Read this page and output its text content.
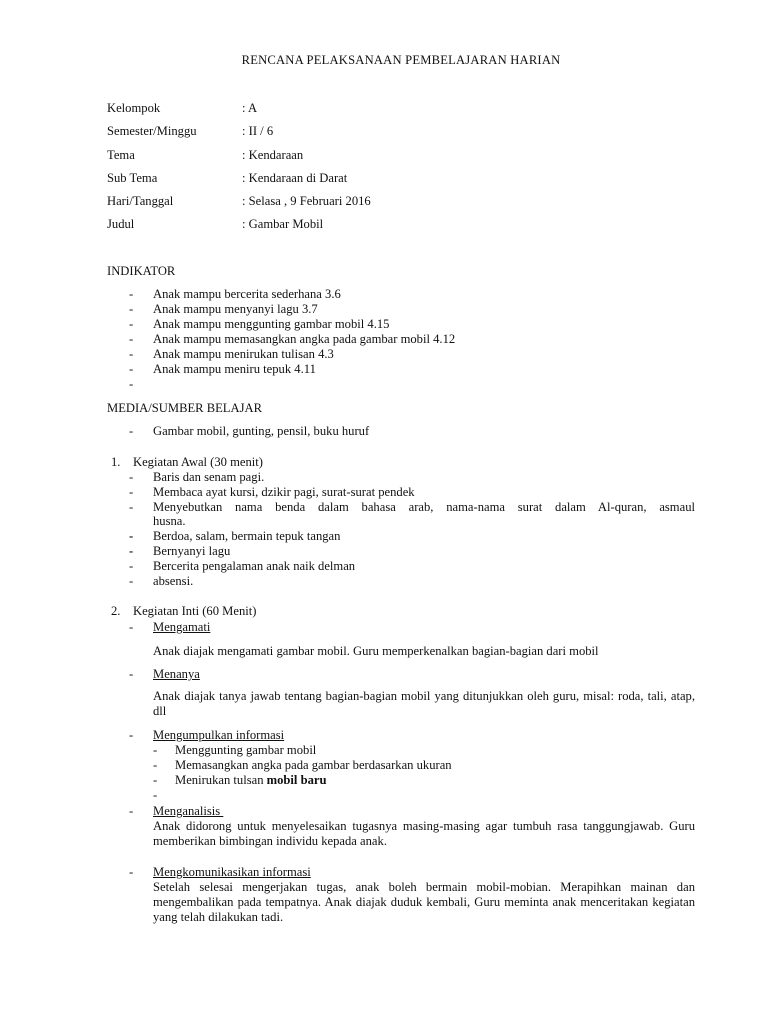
RENCANA PELAKSANAAN PEMBELAJARAN HARIAN
Kelompok	: A
Semester/Minggu	: II / 6
Tema	: Kendaraan
Sub Tema	: Kendaraan di Darat
Hari/Tanggal	: Selasa , 9 Februari 2016
Judul	: Gambar Mobil
INDIKATOR
- Anak mampu bercerita sederhana 3.6
- Anak mampu menyanyi lagu 3.7
- Anak mampu menggunting gambar mobil 4.15
- Anak mampu memasangkan angka pada gambar mobil 4.12
- Anak mampu menirukan tulisan 4.3
- Anak mampu meniru tepuk 4.11
-
MEDIA/SUMBER BELAJAR
- Gambar mobil, gunting, pensil, buku huruf
1. Kegiatan Awal (30 menit)
- Baris dan senam pagi.
- Membaca ayat kursi, dzikir pagi, surat-surat pendek
- Menyebutkan nama benda dalam bahasa arab, nama-nama surat dalam Al-quran, asmaul
husna.
- Berdoa, salam, bermain tepuk tangan
- Bernyanyi lagu
- Bercerita pengalaman anak naik delman
- absensi.
2. Kegiatan Inti (60 Menit)
- Mengamati
Anak diajak mengamati gambar mobil. Guru memperkenalkan bagian-bagian dari mobil
- Menanya
Anak diajak tanya jawab tentang bagian-bagian mobil yang ditunjukkan oleh guru, misal: roda, tali, atap, dll
- Mengumpulkan informasi
- Menggunting gambar mobil
- Memasangkan angka pada gambar berdasarkan ukuran
- Menirukan tulsan mobil baru
-
- Menganalisis
Anak didorong untuk menyelesaikan tugasnya masing-masing agar tumbuh rasa tanggungjawab. Guru memberikan bimbingan individu kepada anak.
- Mengkomunikasikan informasi
Setelah selesai mengerjakan tugas, anak boleh bermain mobil-mobian. Merapihkan mainan dan mengembalikan pada tempatnya. Anak diajak duduk kembali, Guru meminta anak menceritakan kegiatan yang telah dilakukan tadi.
